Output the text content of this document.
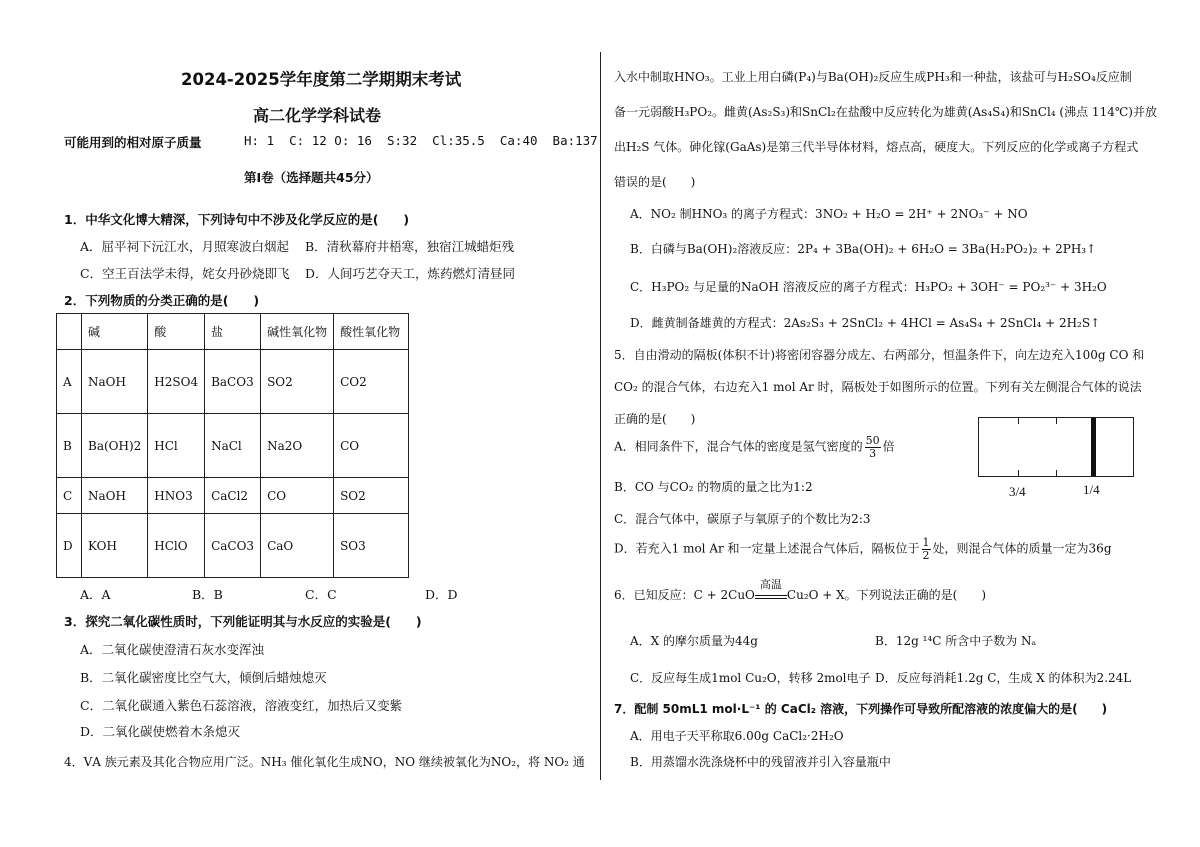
2024-2025学年度第二学期期末考试
高二化学学科试卷
可能用到的相对原子质量	H: 1  C: 12 O: 16  S:32  Cl:35.5  Ca:40  Ba:137
第Ⅰ卷（选择题共45分）
1．中华文化博大精深，下列诗句中不涉及化学反应的是(　　)
A．屈平祠下沅江水，月照寒波白烟起 B．清秋幕府井梧寒，独宿江城蜡炬残
C．空王百法学未得，姹女丹砂烧即飞 D．人间巧艺夺天工，炼药燃灯清昼同
2．下列物质的分类正确的是(　　)
	碱	酸	盐	碱性氧化物	酸性氧化物
A	NaOH	H2SO4	BaCO3	SO2	CO2
B	Ba(OH)2	HCl	NaCl	Na2O	CO
C	NaOH	HNO3	CaCl2	CO	SO2
D	KOH	HClO	CaCO3	CaO	SO3
A．A	B．B	C．C	D．D
3．探究二氧化碳性质时，下列能证明其与水反应的实验是(　　)
A．二氧化碳使澄清石灰水变浑浊
B．二氧化碳密度比空气大，倾倒后蜡烛熄灭
C．二氧化碳通入紫色石蕊溶液，溶液变红，加热后又变紫
D．二氧化碳使燃着木条熄灭
4．ⅤA 族元素及其化合物应用广泛。NH₃ 催化氧化生成NO，NO 继续被氧化为NO₂，将 NO₂ 通
入水中制取HNO₃。工业上用白磷(P₄)与Ba(OH)₂反应生成PH₃和一种盐，该盐可与H₂SO₄反应制
备一元弱酸H₃PO₂。雌黄(As₂S₃)和SnCl₂在盐酸中反应转化为雄黄(As₄S₄)和SnCl₄ (沸点 114℃)并放
出H₂S 气体。砷化镓(GaAs)是第三代半导体材料，熔点高，硬度大。下列反应的化学或离子方程式
错误的是(　　)
A．NO₂ 制HNO₃ 的离子方程式：3NO₂ + H₂O = 2H⁺ + 2NO₃⁻ + NO
B．白磷与Ba(OH)₂溶液反应：2P₄ + 3Ba(OH)₂ + 6H₂O = 3Ba(H₂PO₂)₂ + 2PH₃↑
C．H₃PO₂ 与足量的NaOH 溶液反应的离子方程式：H₃PO₂ + 3OH⁻ = PO₂³⁻ + 3H₂O
D．雌黄制备雄黄的方程式：2As₂S₃ + 2SnCl₂ + 4HCl = As₄S₄ + 2SnCl₄ + 2H₂S↑
5．自由滑动的隔板(体积不计)将密闭容器分成左、右两部分，恒温条件下，向左边充入100g CO 和
CO₂ 的混合气体，右边充入1 mol Ar 时，隔板处于如图所示的位置。下列有关左侧混合气体的说法
正确的是(　　)
A．相同条件下，混合气体的密度是氢气密度的 $\frac{50}{3}$ 倍
B．CO 与CO₂ 的物质的量之比为1:2
C．混合气体中，碳原子与氧原子的个数比为2:3
D．若充入1 mol Ar 和一定量上述混合气体后，隔板位于 $\frac{1}{2}$ 处，则混合气体的质量一定为36g
3/4	1/4
6．已知反应：C + 2CuO
高温
Cu₂O + X。下列说法正确的是(　　)
A．X 的摩尔质量为44g	B．12g ¹⁴C 所含中子数为 Nₐ
C．反应每生成1mol Cu₂O，转移 2mol电子 D．反应每消耗1.2g C，生成 X 的体积为2.24L
7．配制 50mL1 mol·L⁻¹ 的 CaCl₂ 溶液，下列操作可导致所配溶液的浓度偏大的是(　　)
A．用电子天平称取6.00g CaCl₂·2H₂O
B．用蒸馏水洗涤烧杯中的残留液并引入容量瓶中
